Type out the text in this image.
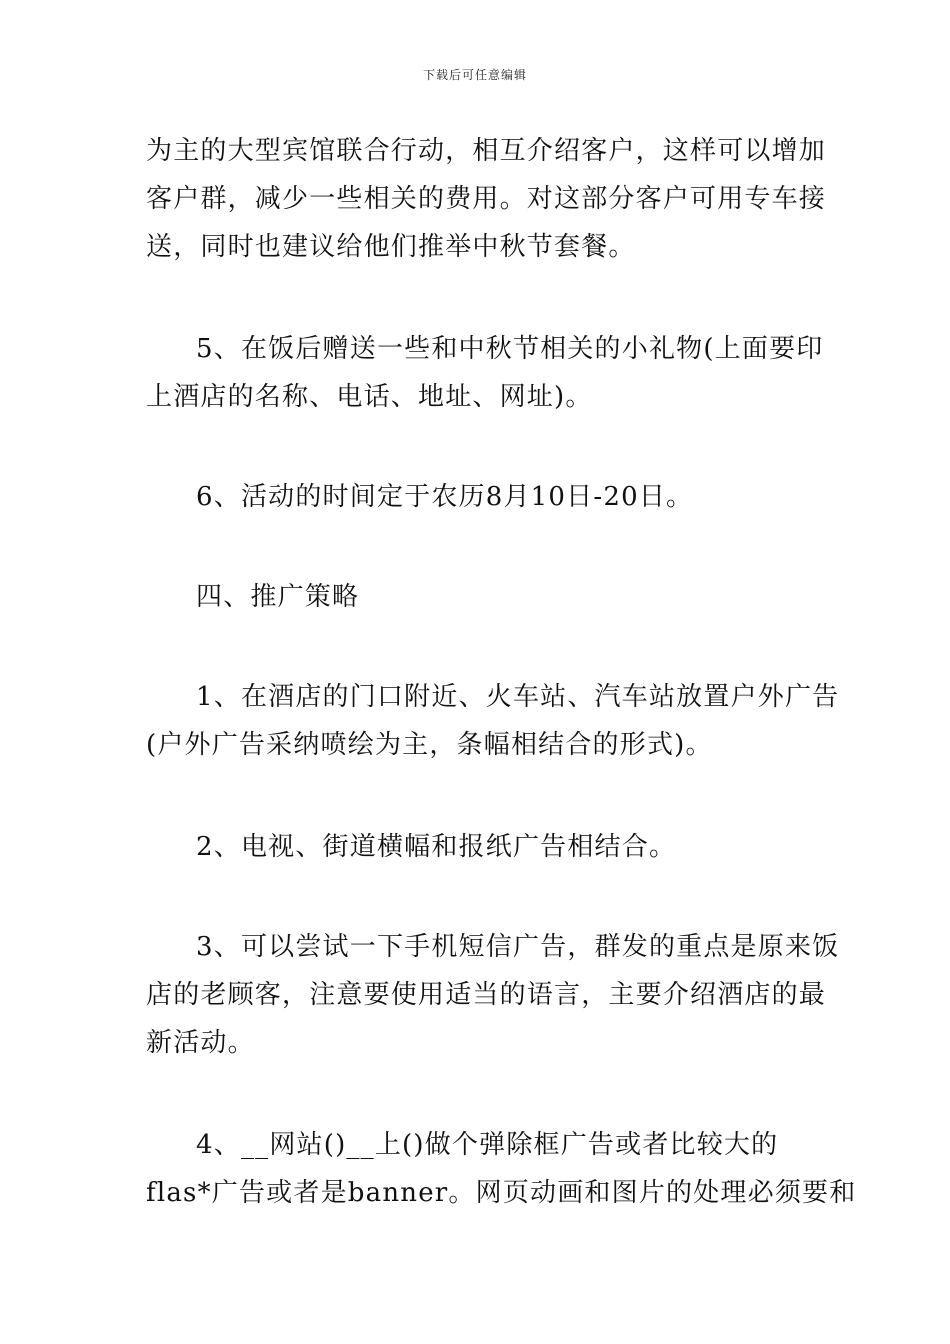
下载后可任意编辑
为主的大型宾馆联合行动，相互介绍客户，这样可以增加
客户群，减少一些相关的费用。对这部分客户可用专车接
送，同时也建议给他们推举中秋节套餐。
5、在饭后赠送一些和中秋节相关的小礼物(上面要印
上酒店的名称、电话、地址、网址)。
6、活动的时间定于农历8月10日-20日。
四、推广策略
1、在酒店的门口附近、火车站、汽车站放置户外广告
(户外广告采纳喷绘为主，条幅相结合的形式)。
2、电视、街道横幅和报纸广告相结合。
3、可以尝试一下手机短信广告，群发的重点是原来饭
店的老顾客，注意要使用适当的语言，主要介绍酒店的最
新活动。
4、__网站()__上()做个弹除框广告或者比较大的
flas*广告或者是banner。网页动画和图片的处理必须要和
